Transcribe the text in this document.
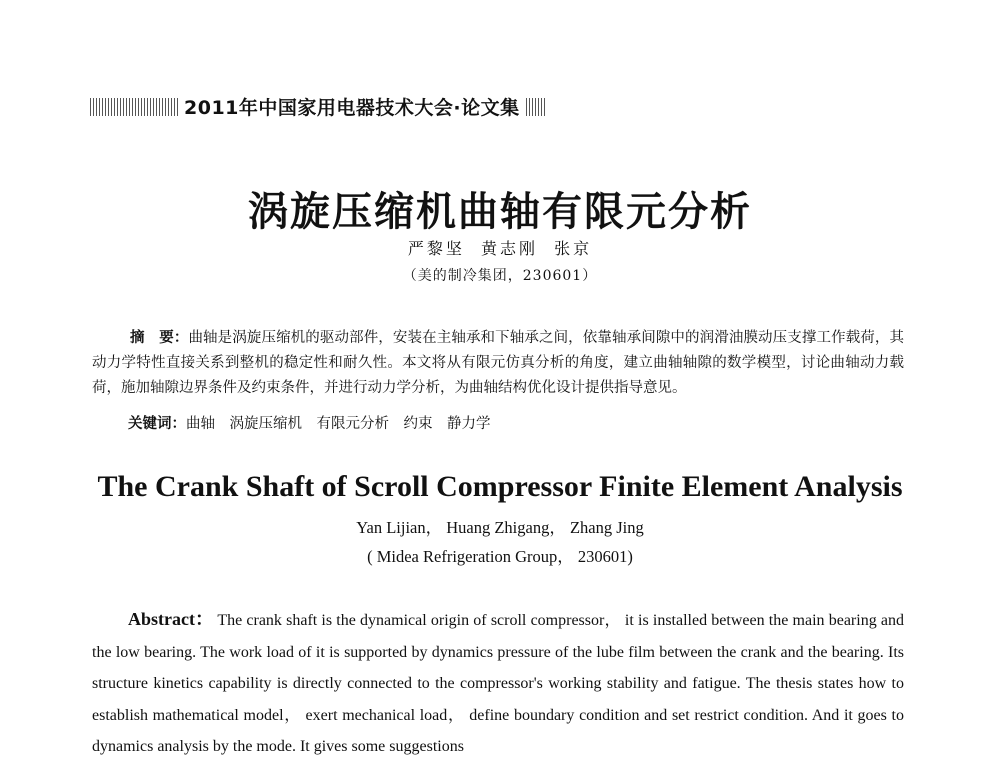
2011年中国家用电器技术大会·论文集
涡旋压缩机曲轴有限元分析
严黎坚  黄志刚  张京
（美的制冷集团，230601）

摘　要：曲轴是涡旋压缩机的驱动部件，安装在主轴承和下轴承之间，依靠轴承间隙中的润滑油膜动压支撑工作载荷，其动力学特性直接关系到整机的稳定性和耐久性。本文将从有限元仿真分析的角度，建立曲轴轴隙的数学模型，讨论曲轴动力载荷，施加轴隙边界条件及约束条件，并进行动力学分析，为曲轴结构优化设计提供指导意见。

关键词：曲轴　涡旋压缩机　有限元分析　约束　静力学
The Crank Shaft of Scroll Compressor Finite Element Analysis
Yan Lijian， Huang Zhigang， Zhang Jing
( Midea Refrigeration Group， 230601)

Abstract： The crank shaft is the dynamical origin of scroll compressor， it is installed between the main bearing and the low bearing. The work load of it is supported by dynamics pressure of the lube film between the crank and the bearing. Its structure kinetics capability is directly connected to the compressor's working stability and fatigue. The thesis states how to establish mathematical model， exert mechanical load， define boundary condition and set restrict condition. And it goes to dynamics analysis by the mode. It gives some suggestions
